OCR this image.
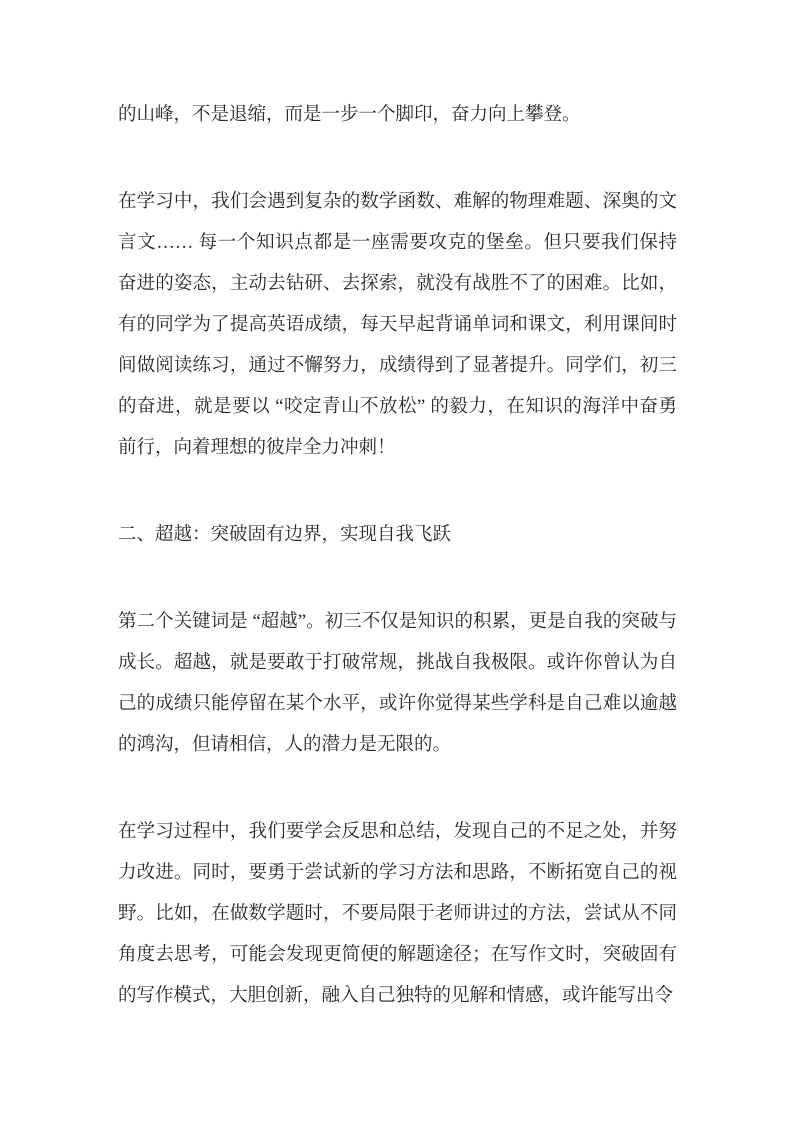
的山峰，不是退缩，而是一步一个脚印，奋力向上攀登。

在学习中，我们会遇到复杂的数学函数、难解的物理难题、深奥的文言文…… 每一个知识点都是一座需要攻克的堡垒。但只要我们保持奋进的姿态，主动去钻研、去探索，就没有战胜不了的困难。比如，有的同学为了提高英语成绩，每天早起背诵单词和课文，利用课间时间做阅读练习，通过不懈努力，成绩得到了显著提升。同学们，初三的奋进，就是要以 “咬定青山不放松” 的毅力，在知识的海洋中奋勇前行，向着理想的彼岸全力冲刺！

二、超越：突破固有边界，实现自我飞跃

第二个关键词是 “超越”。初三不仅是知识的积累，更是自我的突破与成长。超越，就是要敢于打破常规，挑战自我极限。或许你曾认为自己的成绩只能停留在某个水平，或许你觉得某些学科是自己难以逾越的鸿沟，但请相信，人的潜力是无限的。

在学习过程中，我们要学会反思和总结，发现自己的不足之处，并努力改进。同时，要勇于尝试新的学习方法和思路，不断拓宽自己的视野。比如，在做数学题时，不要局限于老师讲过的方法，尝试从不同角度去思考，可能会发现更简便的解题途径；在写作文时，突破固有的写作模式，大胆创新，融入自己独特的见解和情感，或许能写出令
